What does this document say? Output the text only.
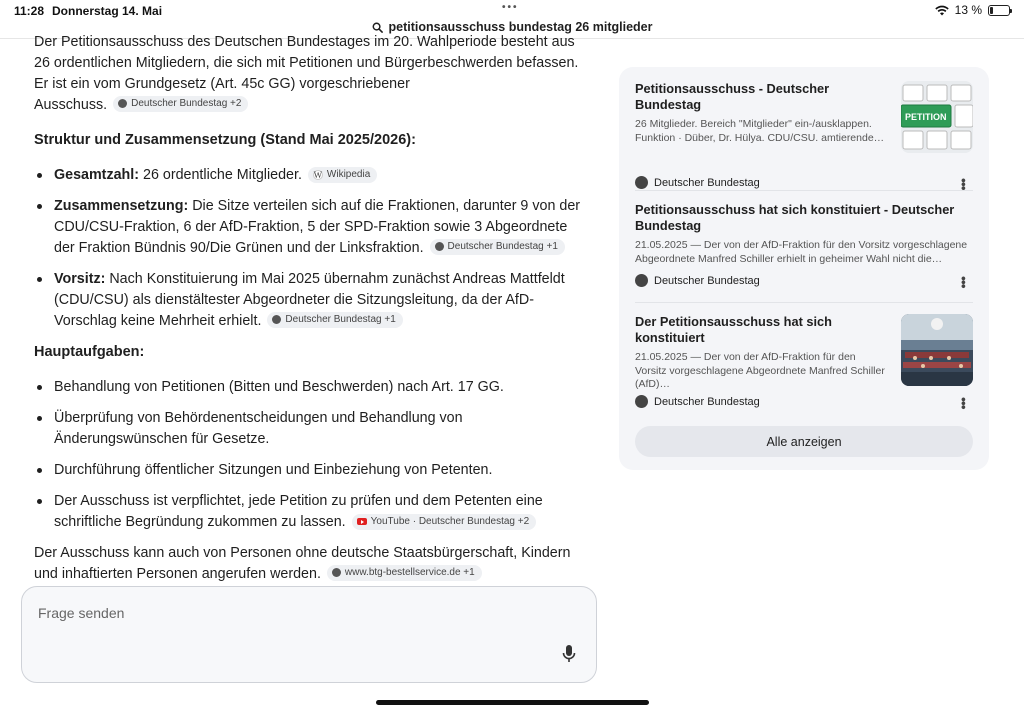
11:28 Donnerstag 14. Mai	•••	13 %
petitionsausschuss bundestag 26 mitglieder

Der Petitionsausschuss des Deutschen Bundestages im 20. Wahlperiode besteht aus
26 ordentlichen Mitgliedern, die sich mit Petitionen und Bürgerbeschwerden befassen.
Er ist ein vom Grundgesetz (Art. 45c GG) vorgeschriebener
Ausschuss. Deutscher Bundestag +2

Struktur und Zusammensetzung (Stand Mai 2025/2026):
Gesamtzahl: 26 ordentliche Mitglieder. W Wikipedia
Zusammensetzung: Die Sitze verteilen sich auf die Fraktionen, darunter 9 von der CDU/CSU-Fraktion, 6 der AfD-Fraktion, 5 der SPD-Fraktion sowie 3 Abgeordnete der Fraktion Bündnis 90/Die Grünen und der Linksfraktion. Deutscher Bundestag +1
Vorsitz: Nach Konstituierung im Mai 2025 übernahm zunächst Andreas Mattfeldt (CDU/CSU) als dienstältester Abgeordneter die Sitzungsleitung, da der AfD-Vorschlag keine Mehrheit erhielt. Deutscher Bundestag +1
Hauptaufgaben:
Behandlung von Petitionen (Bitten und Beschwerden) nach Art. 17 GG.
Überprüfung von Behördenentscheidungen und Behandlung von Änderungswünschen für Gesetze.
Durchführung öffentlicher Sitzungen und Einbeziehung von Petenten.
Der Ausschuss ist verpflichtet, jede Petition zu prüfen und dem Petenten eine schriftliche Begründung zukommen zu lassen. YouTube · Deutscher Bundestag +2

Der Ausschuss kann auch von Personen ohne deutsche Staatsbürgerschaft, Kindern und inhaftierten Personen angerufen werden. www.btg-bestellservice.de +1

Petitionsausschuss - Deutscher Bundestag
26 Mitglieder. Bereich "Mitglieder" ein-/ausklappen. Funktion · Düber, Dr. Hülya. CDU/CSU. amtierende…
PETITION
Deutscher Bundestag	•••
Petitionsausschuss hat sich konstituiert - Deutscher Bundestag
21.05.2025 — Der von der AfD-Fraktion für den Vorsitz vorgeschlagene Abgeordnete Manfred Schiller erhielt in geheimer Wahl nicht die…
Deutscher Bundestag	•••
Der Petitionsausschuss hat sich konstituiert
21.05.2025 — Der von der AfD-Fraktion für den Vorsitz vorgeschlagene Abgeordnete Manfred Schiller (AfD)…
Deutscher Bundestag	•••
Alle anzeigen
Frage senden
